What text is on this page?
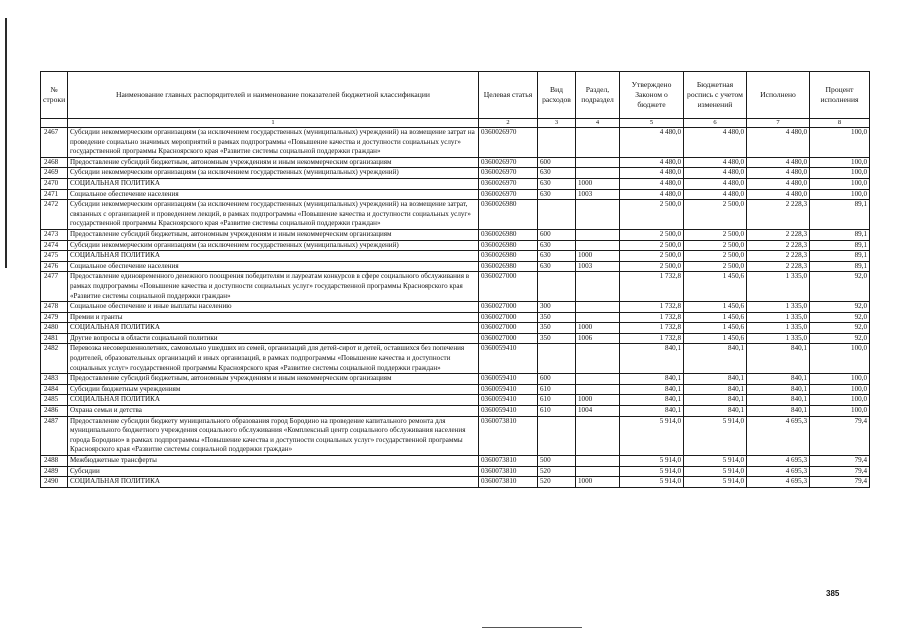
№ строки	Наименование главных распорядителей и наименование показателей бюджетной классификации	Целевая статья	Вид расходов	Раздел, подраздел	Утверждено Законом о бюджете	Бюджетная роспись с учетом изменений	Исполнено	Процент исполнения
	1	2	3	4	5	6	7	8
2467	Субсидии некоммерческим организациям (за исключением государственных (муниципальных) учреждений) на возмещение затрат на проведение социально значимых мероприятий в рамках подпрограммы «Повышение качества и доступности социальных услуг» государственной программы Красноярского края «Развитие системы социальной поддержки граждан»	0360026970			4 480,0	4 480,0	4 480,0	100,0
2468	Предоставление субсидий бюджетным, автономным учреждениям и иным некоммерческим организациям	0360026970	600		4 480,0	4 480,0	4 480,0	100,0
2469	Субсидии некоммерческим организациям (за исключением государственных (муниципальных) учреждений)	0360026970	630		4 480,0	4 480,0	4 480,0	100,0
2470	СОЦИАЛЬНАЯ ПОЛИТИКА	0360026970	630	1000	4 480,0	4 480,0	4 480,0	100,0
2471	Социальное обеспечение населения	0360026970	630	1003	4 480,0	4 480,0	4 480,0	100,0
2472	Субсидии некоммерческим организациям (за исключением государственных (муниципальных) учреждений) на возмещение затрат, связанных с организацией и проведением лекций, в рамках подпрограммы «Повышение качества и доступности социальных услуг» государственной программы Красноярского края «Развитие системы социальной поддержки граждан»	0360026980			2 500,0	2 500,0	2 228,3	89,1
2473	Предоставление субсидий бюджетным, автономным учреждениям и иным некоммерческим организациям	0360026980	600		2 500,0	2 500,0	2 228,3	89,1
2474	Субсидии некоммерческим организациям (за исключением государственных (муниципальных) учреждений)	0360026980	630		2 500,0	2 500,0	2 228,3	89,1
2475	СОЦИАЛЬНАЯ ПОЛИТИКА	0360026980	630	1000	2 500,0	2 500,0	2 228,3	89,1
2476	Социальное обеспечение населения	0360026980	630	1003	2 500,0	2 500,0	2 228,3	89,1
2477	Предоставление единовременного денежного поощрения победителям и лауреатам конкурсов в сфере социального обслуживания в рамках подпрограммы «Повышение качества и доступности социальных услуг» государственной программы Красноярского края «Развитие системы социальной поддержки граждан»	0360027000			1 732,8	1 450,6	1 335,0	92,0
2478	Социальное обеспечение и иные выплаты населению	0360027000	300		1 732,8	1 450,6	1 335,0	92,0
2479	Премии и гранты	0360027000	350		1 732,8	1 450,6	1 335,0	92,0
2480	СОЦИАЛЬНАЯ ПОЛИТИКА	0360027000	350	1000	1 732,8	1 450,6	1 335,0	92,0
2481	Другие вопросы в области социальной политики	0360027000	350	1006	1 732,8	1 450,6	1 335,0	92,0
2482	Перевозка несовершеннолетних, самовольно ушедших из семей, организаций для детей-сирот и детей, оставшихся без попечения родителей, образовательных организаций и иных организаций, в рамках подпрограммы «Повышение качества и доступности социальных услуг» государственной программы Красноярского края «Развитие системы социальной поддержки граждан»	0360059410			840,1	840,1	840,1	100,0
2483	Предоставление субсидий бюджетным, автономным учреждениям и иным некоммерческим организациям	0360059410	600		840,1	840,1	840,1	100,0
2484	Субсидии бюджетным учреждениям	0360059410	610		840,1	840,1	840,1	100,0
2485	СОЦИАЛЬНАЯ ПОЛИТИКА	0360059410	610	1000	840,1	840,1	840,1	100,0
2486	Охрана семьи и детства	0360059410	610	1004	840,1	840,1	840,1	100,0
2487	Предоставление субсидии бюджету муниципального образования город Бородино на проведение капитального ремонта для муниципального бюджетного учреждения социального обслуживания «Комплексный центр социального обслуживания населения города Бородино» в рамках подпрограммы «Повышение качества и доступности социальных услуг» государственной программы Красноярского края «Развитие системы социальной поддержки граждан»	0360073810			5 914,0	5 914,0	4 695,3	79,4
2488	Межбюджетные трансферты	0360073810	500		5 914,0	5 914,0	4 695,3	79,4
2489	Субсидии	0360073810	520		5 914,0	5 914,0	4 695,3	79,4
2490	СОЦИАЛЬНАЯ ПОЛИТИКА	0360073810	520	1000	5 914,0	5 914,0	4 695,3	79,4
385
